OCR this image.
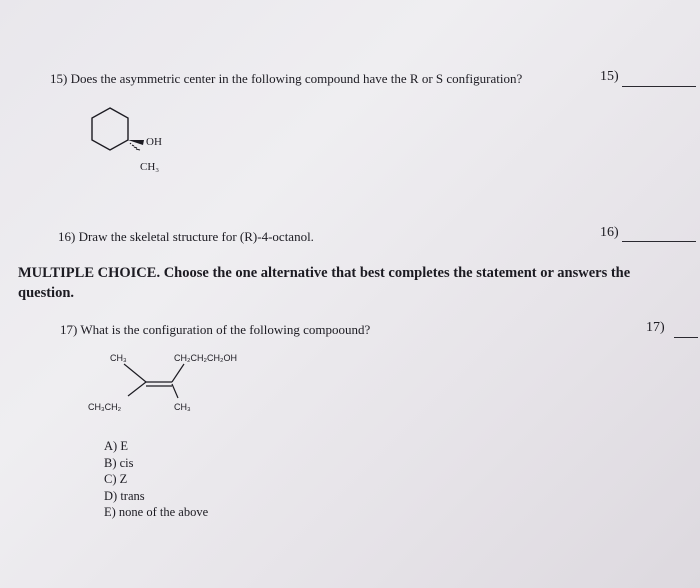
15) Does the asymmetric center in the following compound have the R or S configuration?	15)
OH
CH₃
16) Draw the skeletal structure for (R)-4-octanol.	16)
MULTIPLE CHOICE. Choose the one alternative that best completes the statement or answers the question.
17) What is the configuration of the following compoound?	17)
CH₃	CH₂CH₂CH₂OH
CH₃CH₂	CH₃
A) E
B) cis
C) Z
D) trans
E) none of the above
